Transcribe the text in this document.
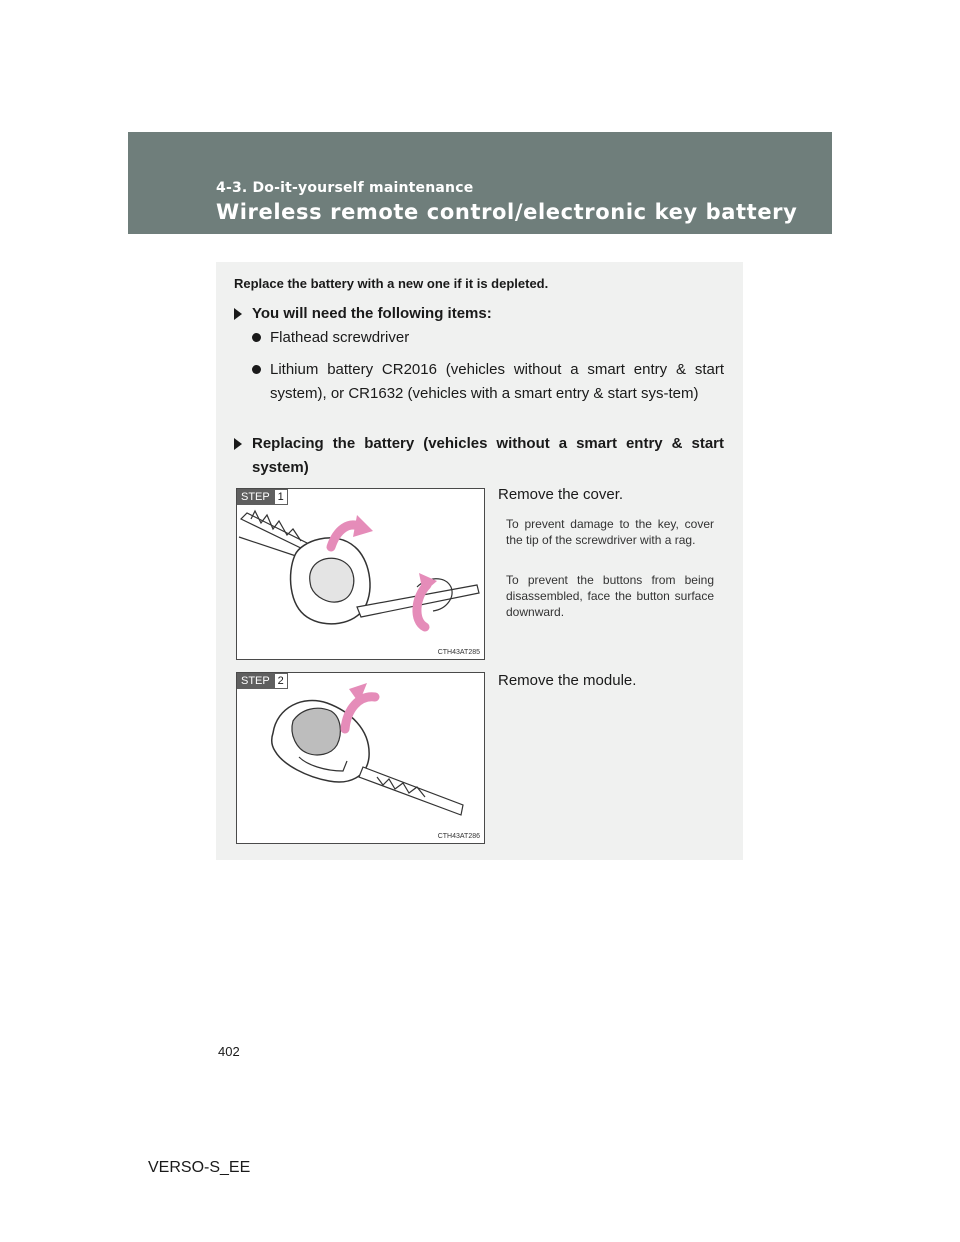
4-3. Do-it-yourself maintenance
Wireless remote control/electronic key battery
Replace the battery with a new one if it is depleted.
You will need the following items:
Flathead screwdriver
Lithium battery CR2016 (vehicles without a smart entry & start system), or CR1632 (vehicles with a smart entry & start sys-tem)
Replacing the battery (vehicles without a smart entry & start system)
STEP 1
CTH43AT285
Remove the cover.
To prevent damage to the key, cover the tip of the screwdriver with a rag.
To prevent the buttons from being disassembled, face the button surface downward.
STEP 2
CTH43AT286
Remove the module.
402
VERSO-S_EE
